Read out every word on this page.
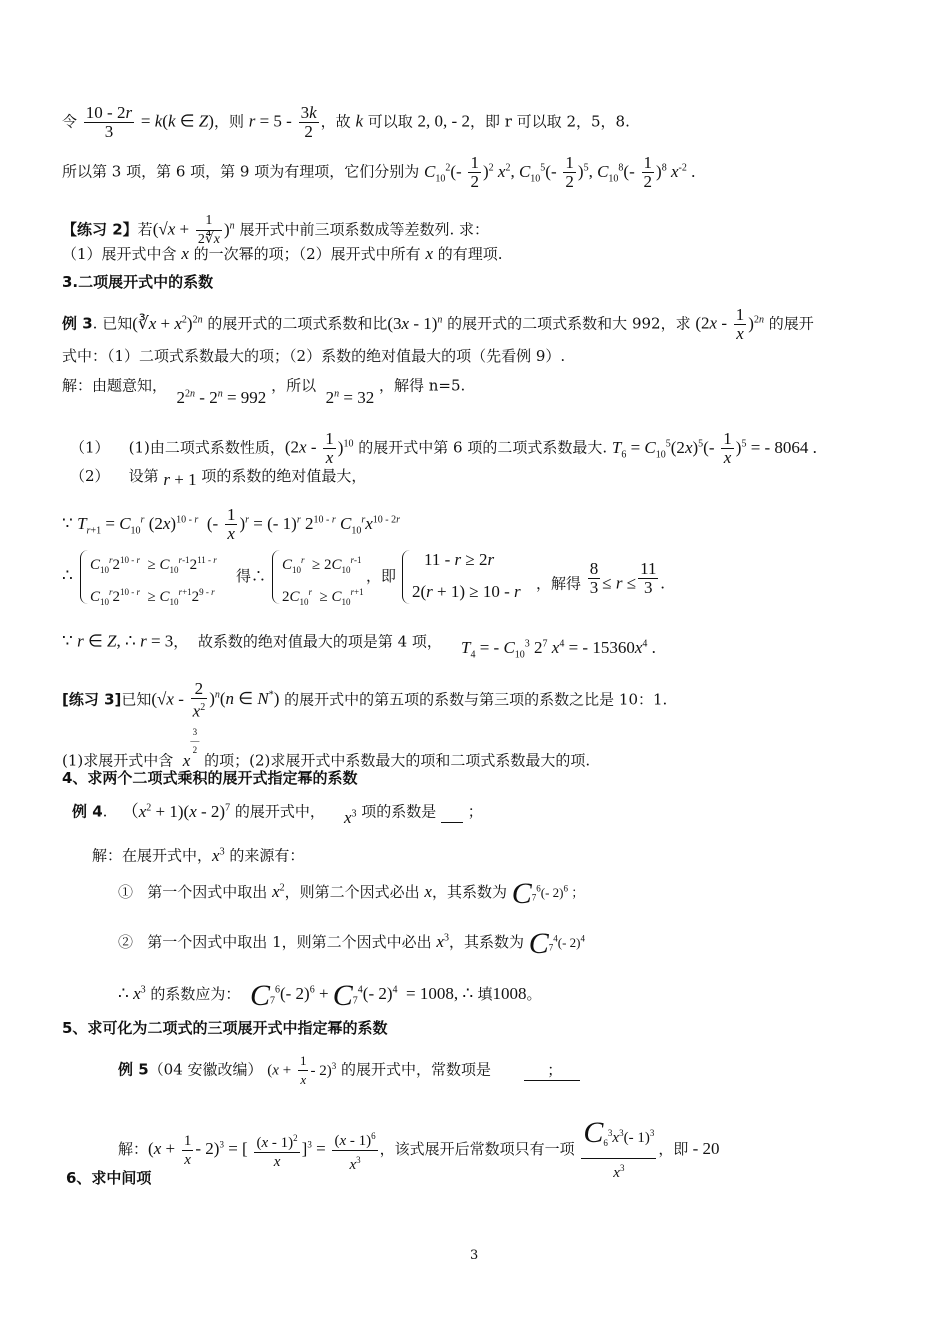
令 $\frac{10 - 2r}{3} = k(k$ ∈ Z)，则 $r = 5 - \frac{3k}{2}$ ，故 k 可以取 2, 0, - 2，即 r 可以取 2，5，8.
所以第 3 项，第 6 项，第 9 项为有理项，它们分别为 $C_{10}^2(- \frac{1}{2} )^2$ $x^2$, $C_{10}^5(- \frac{1}{2} )^5$, $C_{10}^8(- \frac{1}{2} )^8$ $x^{-2}$ .
【练习 2】若$(√x + \frac{1}{2∜x} )^n$ 展开式中前三项系数成等差数列. 求：
（1）展开式中含 x 的一次幂的项；（2）展开式中所有 x 的有理项.
3.二项展开式中的系数
例 3. 已知(∛x + $x^2)^{2n}$ 的展开式的二项式系数和比(3x - 1)$^n$ 的展开式的二项式系数和大 992，求 $(2x - \frac{1}{x} )^{2n}$ 的展开
式中：（1）二项式系数最大的项；（2）系数的绝对值最大的项（先看例 9）.
解：由题意知，  $2^{2n} - 2^n = 992$ ，所以  $2^n = 32$ ，解得 n=5.
（1）    (1)由二项式系数性质，$(2x - \frac{1}{x} )^{10}$ 的展开式中第 6 项的二项式系数最大. $T_6 = C_{10}^5(2x)^5(- \frac{1}{x} )^5$ = - 8064 .
（2）    设第 r + 1 项的系数的绝对值最大，
∵ $T_{r+1} = C_{10}^r$ $(2x)^{10 - r}$  (- $\frac{1}{x} )^r$ = (- 1)$^r$ 2$^{10 - r}$ $C_{10}^rx^{10 - 2r}$
∴
$C_{10}^r2^{10 - r} \ge C_{10}^{r-1}2^{11 - r}$
$C_{10}^r2^{10 - r} \ge C_{10}^{r+1}2^{9 - r}$
得∴
$C_{10}^r \ge 2C_{10}^{r-1}$
$2C_{10}^r \ge C_{10}^{r+1}$
，即
11 - r ≥ 2r
2(r + 1) ≥ 10 - r ，解得 $\frac{8}{3} \le r \le \frac{11}{3}$ .
∵ r ∈ Z, ∴ r = 3，  故系数的绝对值最大的项是第 4 项，    $T_4$ = - $C_{10}^3$ $2^7$ $x^4$ = - $15360x^4$ .
[练习 3]已知$(√x - \frac{2}{x^2} )^n(n$ ∈ N*) 的展开式中的第五项的系数与第三项的系数之比是 10：1.
(1)求展开式中含  $x^{3 — 2}$ 的项；(2)求展开式中系数最大的项和二项式系数最大的项.
4、求两个二项式乘积的展开式指定幂的系数
例 4.   $(x^2 + 1)(x - 2)^7$ 的展开式中，    $x^3$ 项的系数是   ；
解：在展开式中，$x^3$ 的来源有：
①   第一个因式中取出 $x^2$，则第二个因式必出 x，其系数为 $C_7^6(-$ 2)$^6$ ；
②   第一个因式中取出 1，则第二个因式中必出 $x^3$，其系数为 $C_7^4(-$ 2)$^4$
∴ $x^3$ 的系数应为：  $C_7^6(-$ $2)^6 + C_7^4(-$ 2)$^4$  = 1008, ∴ 填1008。
5、求可化为二项式的三项展开式中指定幂的系数
例 5（04 安徽改编） $(x + \frac{1}{x} - 2)^3$ 的展开式中，常数项是        ；
解：$(x + \frac{1}{x} - 2)^3$ = [ $\frac{(x - 1)^2}{x} ]^3 = \frac{(x - 1)^6}{x^3}$ ，该式展开后常数项只有一项 $\frac{C_6^3x^3(- 1)^3}{x^3}$ ，即 - 20
6、求中间项
3
